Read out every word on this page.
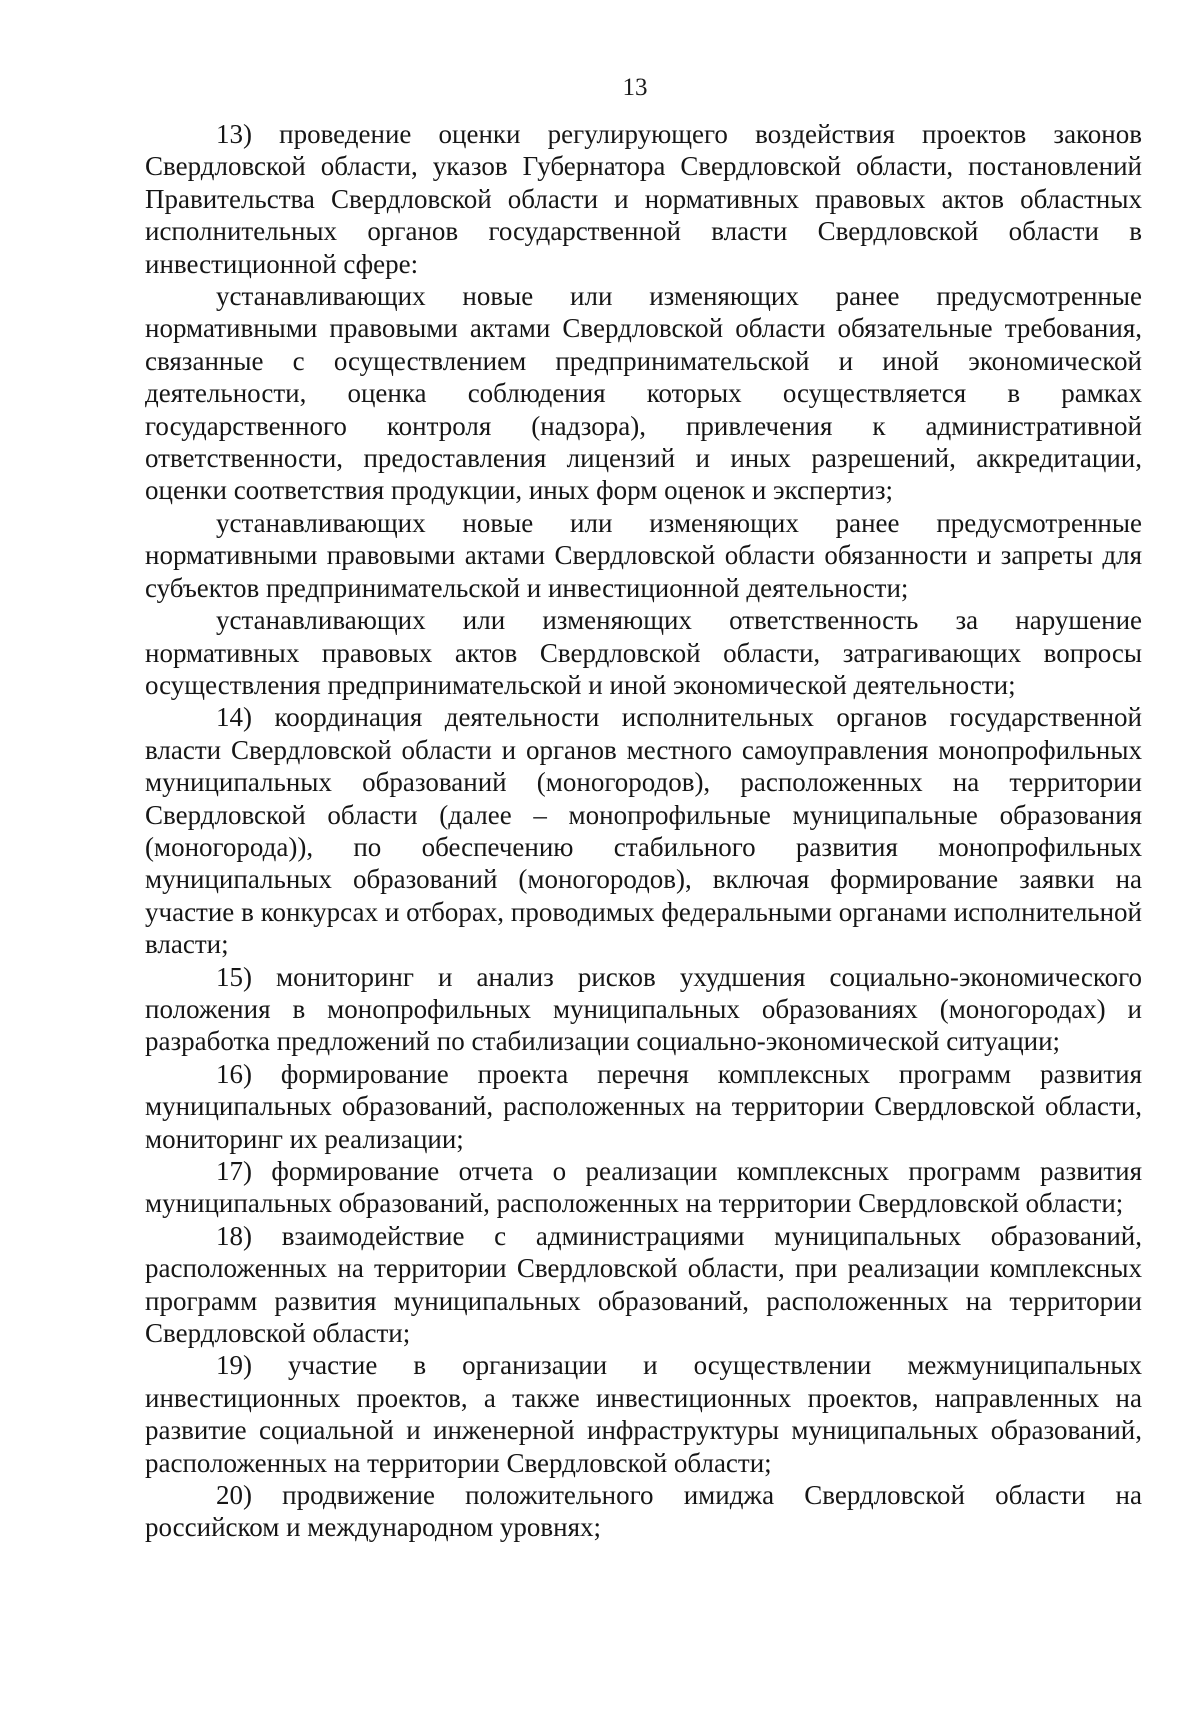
13

13) проведение оценки регулирующего воздействия проектов законов Свердловской области, указов Губернатора Свердловской области, постановлений Правительства Свердловской области и нормативных правовых актов областных исполнительных органов государственной власти Свердловской области в инвестиционной сфере:

устанавливающих новые или изменяющих ранее предусмотренные нормативными правовыми актами Свердловской области обязательные требования, связанные с осуществлением предпринимательской и иной экономической деятельности, оценка соблюдения которых осуществляется в рамках государственного контроля (надзора), привлечения к административной ответственности, предоставления лицензий и иных разрешений, аккредитации, оценки соответствия продукции, иных форм оценок и экспертиз;

устанавливающих новые или изменяющих ранее предусмотренные нормативными правовыми актами Свердловской области обязанности и запреты для субъектов предпринимательской и инвестиционной деятельности;

устанавливающих или изменяющих ответственность за нарушение нормативных правовых актов Свердловской области, затрагивающих вопросы осуществления предпринимательской и иной экономической деятельности;

14) координация деятельности исполнительных органов государственной власти Свердловской области и органов местного самоуправления монопрофильных муниципальных образований (моногородов), расположенных на территории Свердловской области (далее – монопрофильные муниципальные образования (моногорода)), по обеспечению стабильного развития монопрофильных муниципальных образований (моногородов), включая формирование заявки на участие в конкурсах и отборах, проводимых федеральными органами исполнительной власти;

15) мониторинг и анализ рисков ухудшения социально-экономического положения в монопрофильных муниципальных образованиях (моногородах) и разработка предложений по стабилизации социально-экономической ситуации;

16) формирование проекта перечня комплексных программ развития муниципальных образований, расположенных на территории Свердловской области, мониторинг их реализации;

17) формирование отчета о реализации комплексных программ развития муниципальных образований, расположенных на территории Свердловской области;

18) взаимодействие с администрациями муниципальных образований, расположенных на территории Свердловской области, при реализации комплексных программ развития муниципальных образований, расположенных на территории Свердловской области;

19) участие в организации и осуществлении межмуниципальных инвестиционных проектов, а также инвестиционных проектов, направленных на развитие социальной и инженерной инфраструктуры муниципальных образований, расположенных на территории Свердловской области;

20) продвижение положительного имиджа Свердловской области на российском и международном уровнях;
